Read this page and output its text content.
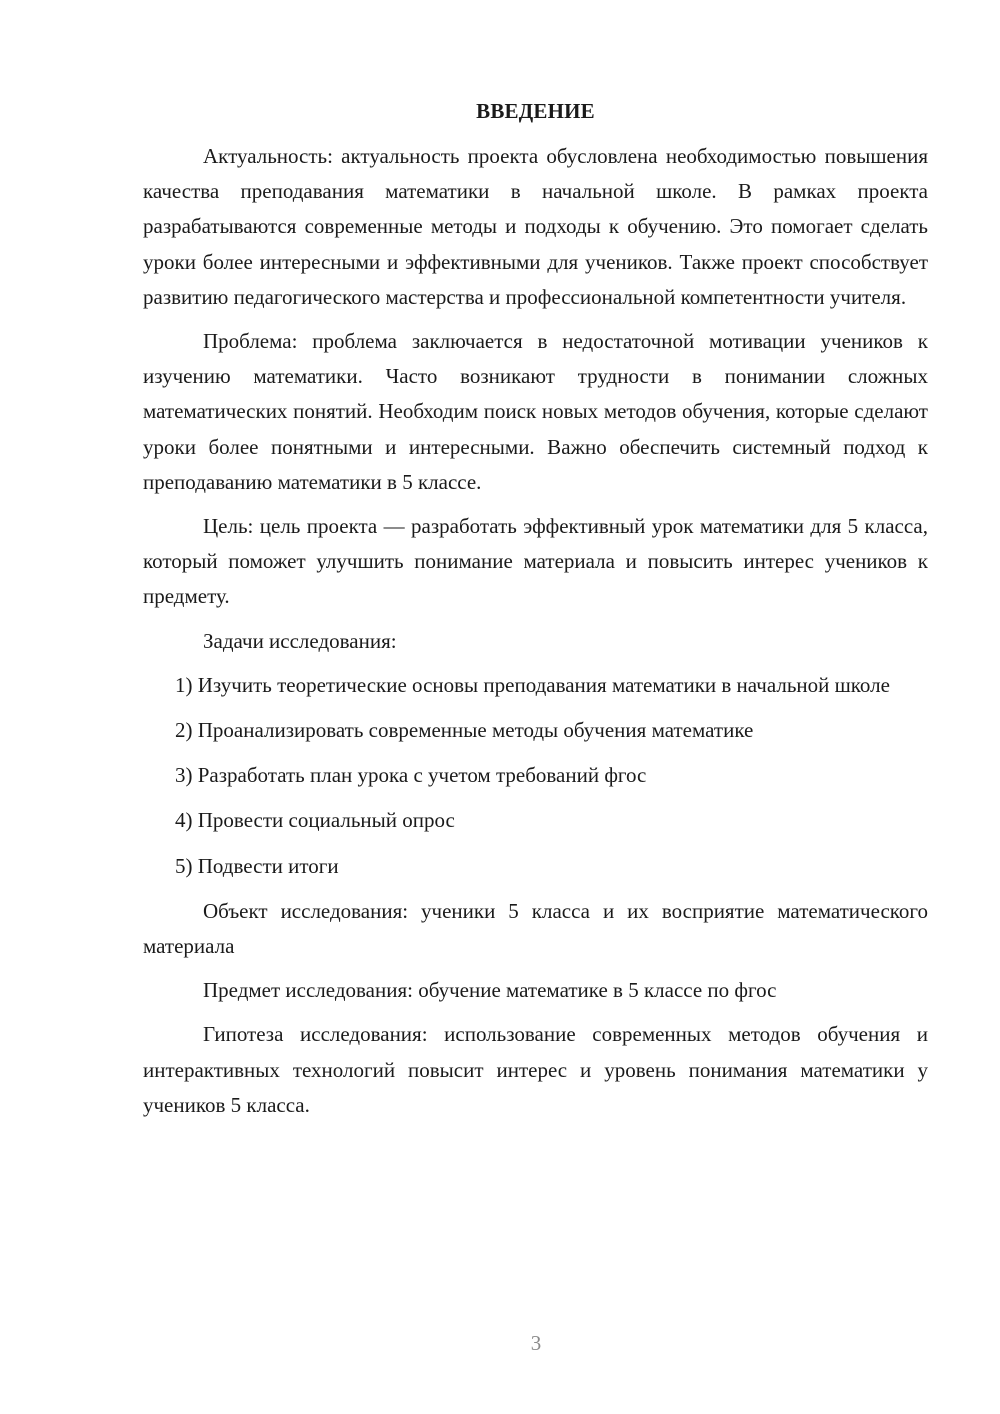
ВВЕДЕНИЕ

Актуальность: актуальность проекта обусловлена необходимостью повышения качества преподавания математики в начальной школе. В рамках проекта разрабатываются современные методы и подходы к обучению. Это помогает сделать уроки более интересными и эффективными для учеников. Также проект способствует развитию педагогического мастерства и профессиональной компетентности учителя.

Проблема: проблема заключается в недостаточной мотивации учеников к изучению математики. Часто возникают трудности в понимании сложных математических понятий. Необходим поиск новых методов обучения, которые сделают уроки более понятными и интересными. Важно обеспечить системный подход к преподаванию математики в 5 классе.

Цель: цель проекта — разработать эффективный урок математики для 5 класса, который поможет улучшить понимание материала и повысить интерес учеников к предмету.

Задачи исследования:

1) Изучить теоретические основы преподавания математики в начальной школе

2) Проанализировать современные методы обучения математике

3) Разработать план урока с учетом требований фгос

4) Провести социальный опрос

5) Подвести итоги

Объект исследования: ученики 5 класса и их восприятие математического материала

Предмет исследования: обучение математике в 5 классе по фгос

Гипотеза исследования: использование современных методов обучения и интерактивных технологий повысит интерес и уровень понимания математики у учеников 5 класса.

3
